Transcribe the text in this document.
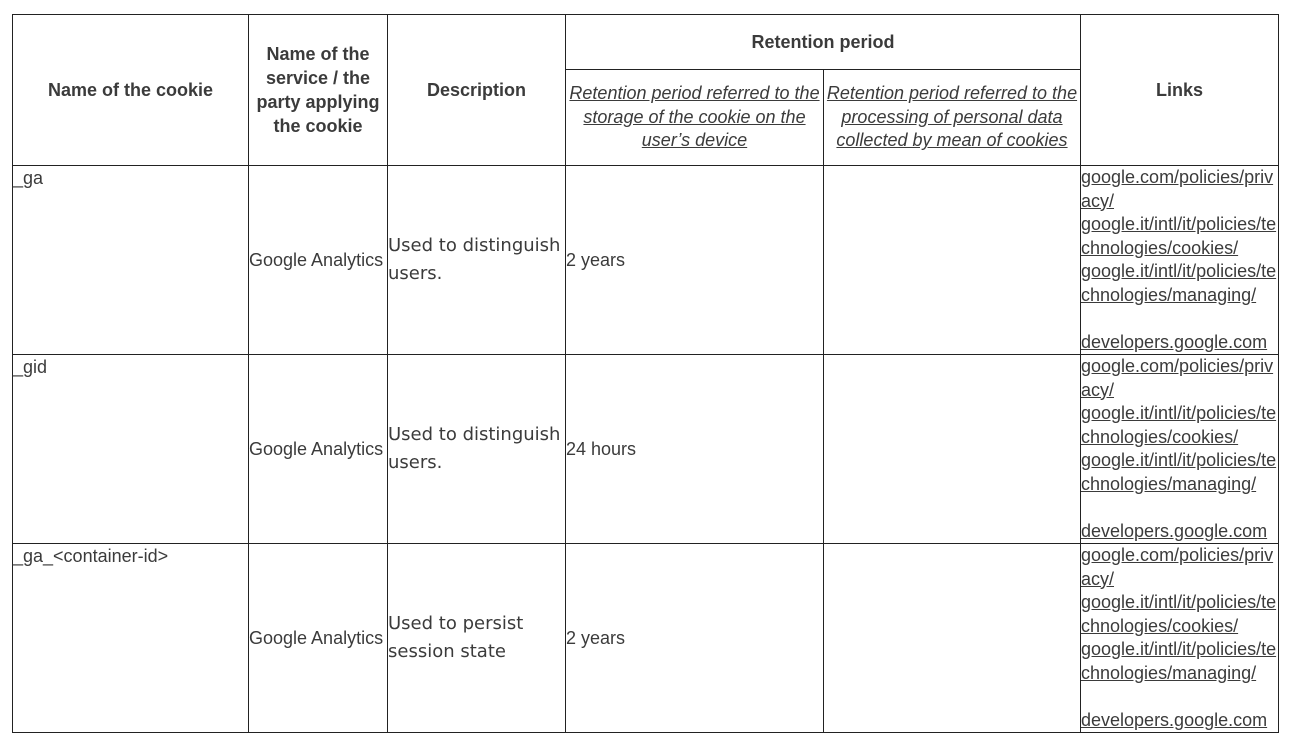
Name of the cookie	Name of the service / the party applying the cookie	Description	Retention period		Links
			Retention period referred to the storage of the cookie on the user’s device	Retention period referred to the processing of personal data collected by mean of cookies	
_ga	Google Analytics	Used to distinguish users.	2 years		google.com/policies/privacy/
google.it/intl/it/policies/technologies/cookies/
google.it/intl/it/policies/technologies/managing/
developers.google.com

_gid	Google Analytics	Used to distinguish users.	24 hours		google.com/policies/privacy/
google.it/intl/it/policies/technologies/cookies/
google.it/intl/it/policies/technologies/managing/
developers.google.com

_ga_<container-id>	Google Analytics	Used to persist session state	2 years		google.com/policies/privacy/
google.it/intl/it/policies/technologies/cookies/
google.it/intl/it/policies/technologies/managing/
developers.google.com
